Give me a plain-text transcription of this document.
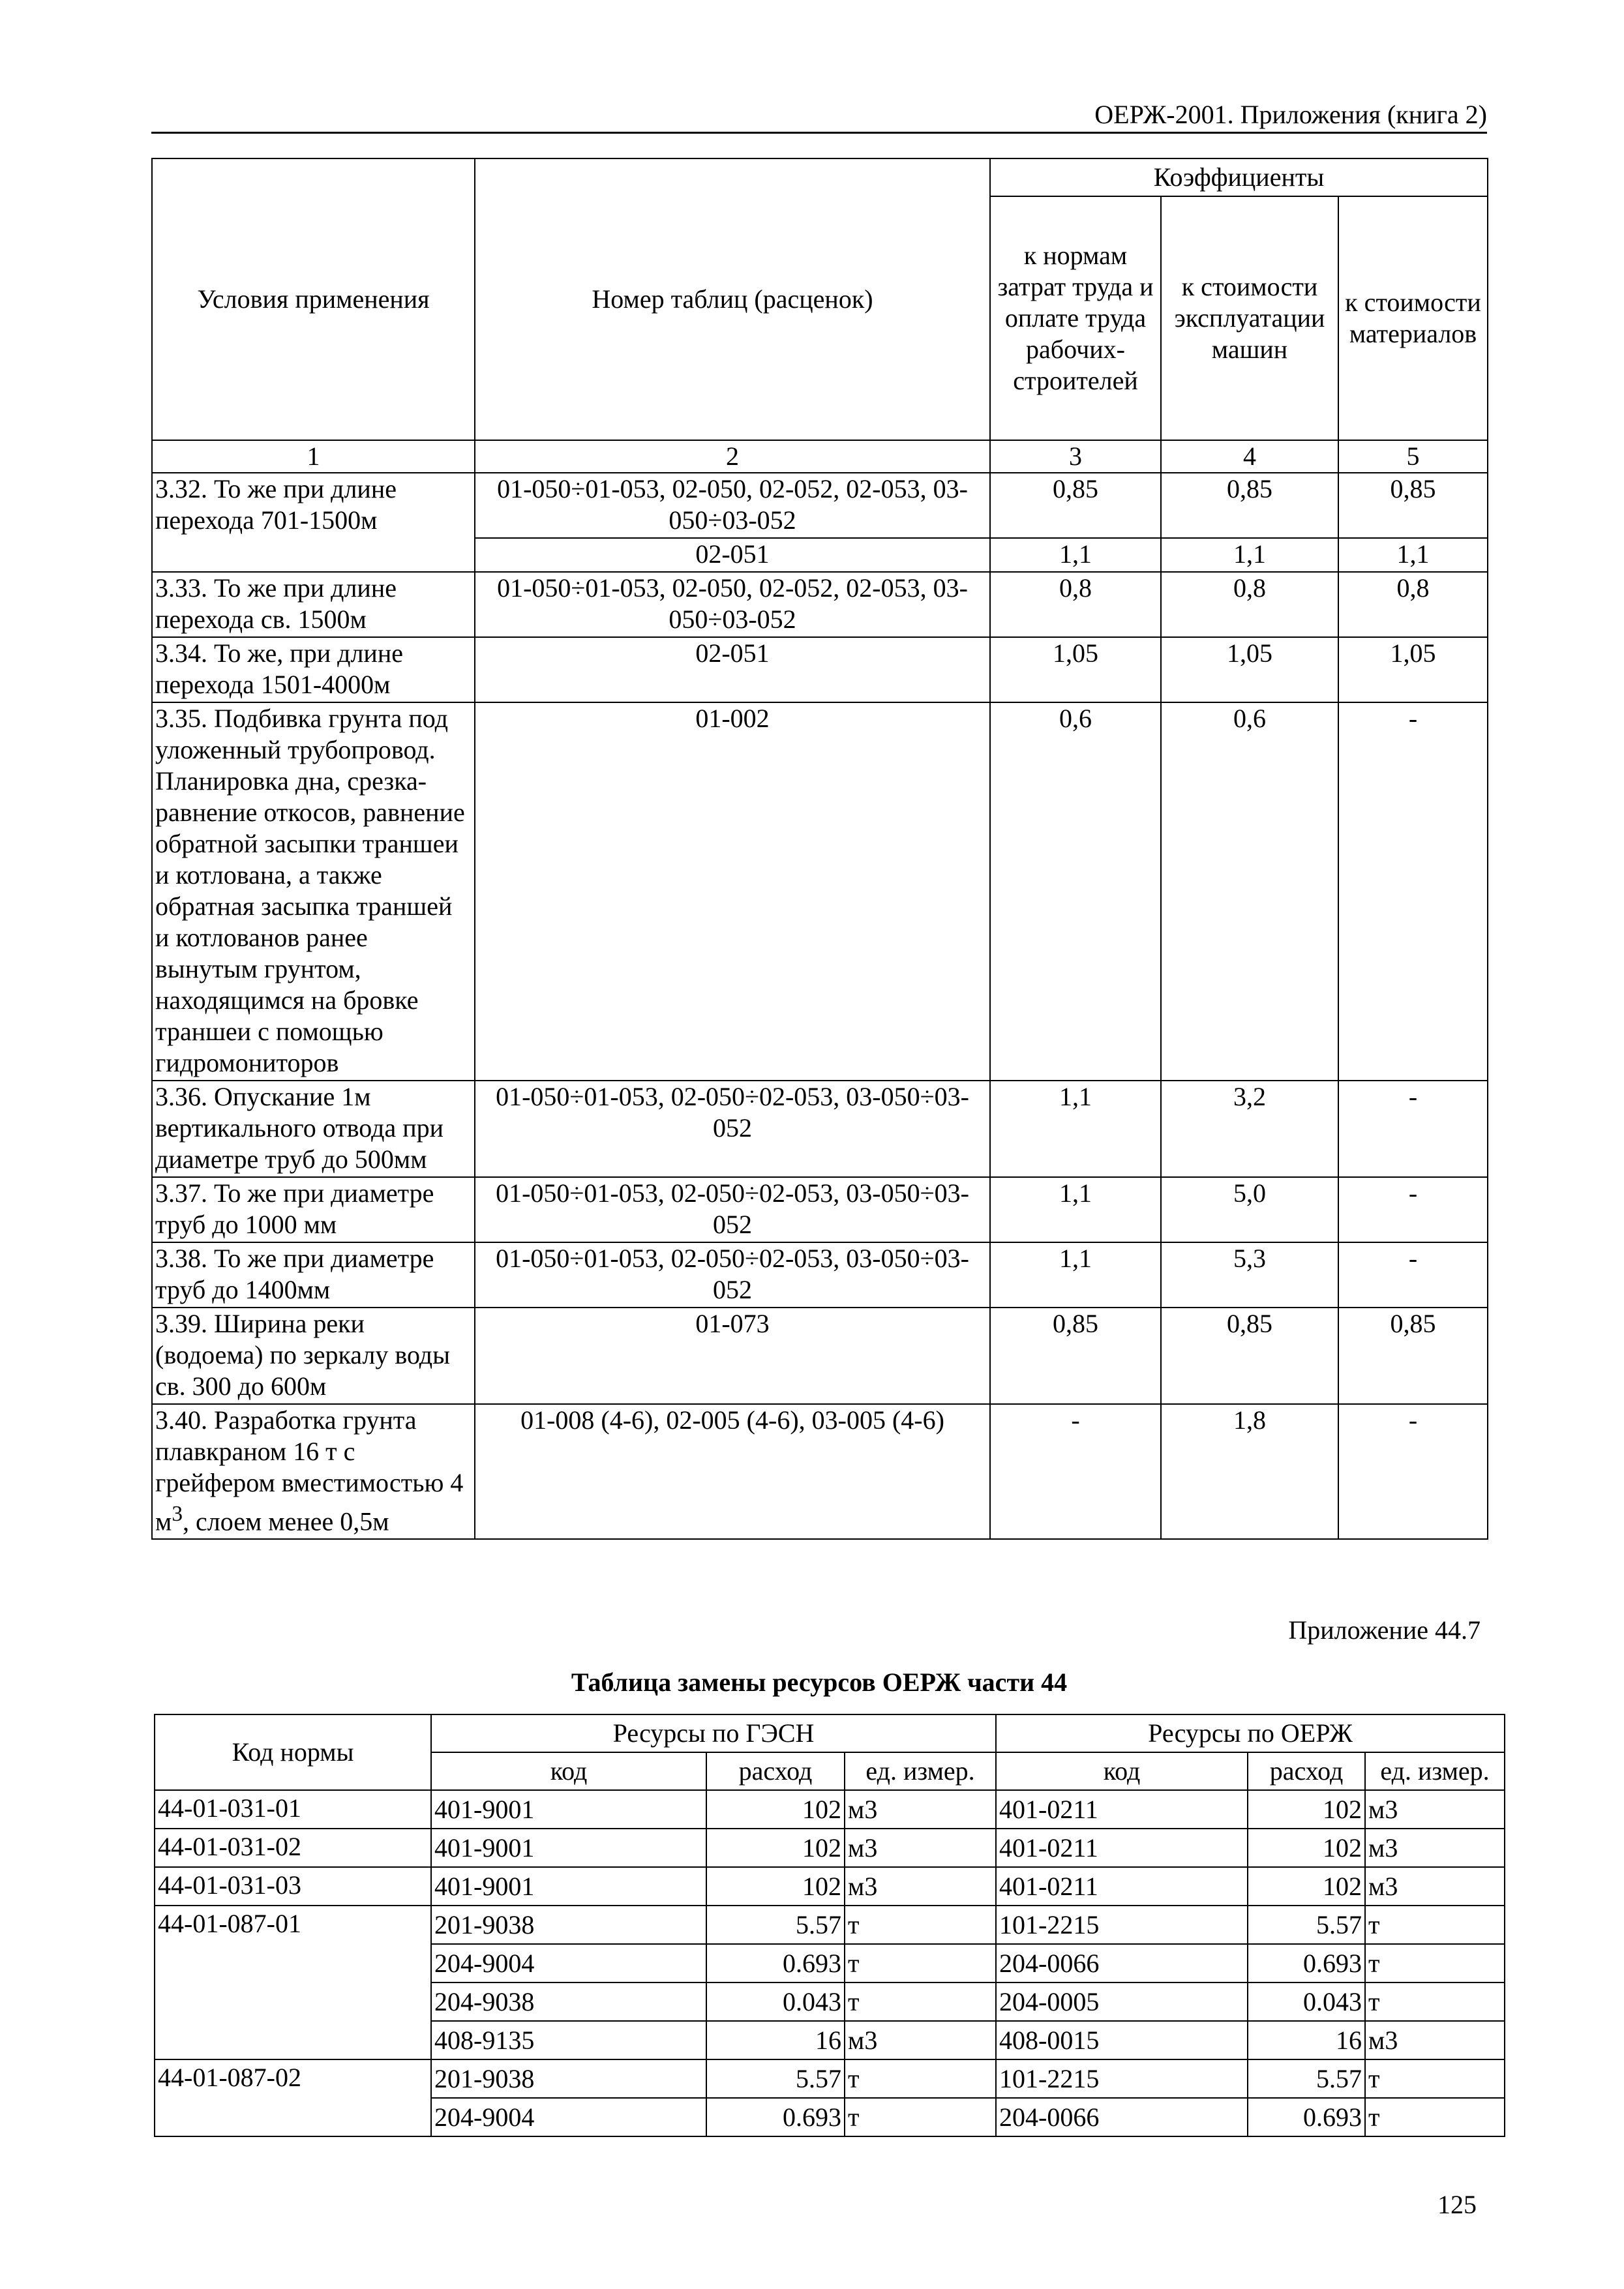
ОЕРЖ-2001. Приложения (книга 2)
Условия применения	Номер таблиц (расценок)	Коэффициенты		
		к нормам затрат труда и оплате труда рабочих-строителей	к стоимости эксплуатации машин	к стоимости материалов
1	2	3	4	5
3.32. То же при длине перехода 701-1500м	01-050÷01-053, 02-050, 02-052, 02-053, 03-050÷03-052	0,85	0,85	0,85
	02-051	1,1	1,1	1,1
3.33. То же при длине перехода св. 1500м	01-050÷01-053, 02-050, 02-052, 02-053, 03-050÷03-052	0,8	0,8	0,8
3.34. То же, при длине перехода 1501-4000м	02-051	1,05	1,05	1,05
3.35. Подбивка грунта под уложенный трубопровод. Планировка дна, срезка-равнение откосов, равнение обратной засыпки траншеи и котлована, а также обратная засыпка траншей и котлованов ранее вынутым грунтом, находящимся на бровке траншеи с помощью гидромониторов	01-002	0,6	0,6	-
3.36. Опускание 1м вертикального отвода при диаметре труб до 500мм	01-050÷01-053, 02-050÷02-053, 03-050÷03-052	1,1	3,2	-
3.37. То же при диаметре труб до 1000 мм	01-050÷01-053, 02-050÷02-053, 03-050÷03-052	1,1	5,0	-
3.38. То же при диаметре труб до 1400мм	01-050÷01-053, 02-050÷02-053, 03-050÷03-052	1,1	5,3	-
3.39. Ширина реки (водоема) по зеркалу воды св. 300 до 600м	01-073	0,85	0,85	0,85
3.40. Разработка грунта плавкраном 16 т с грейфером вместимостью 4 $м^3$, слоем менее 0,5м	01-008 (4-6), 02-005 (4-6), 03-005 (4-6)	-	1,8	-
Приложение 44.7
Таблица замены ресурсов ОЕРЖ части 44
Код нормы	Ресурсы по ГЭСН			Ресурсы по ОЕРЖ		
	код	расход	ед. измер.	код	расход	ед. измер.
44-01-031-01	401-9001	102	м3	401-0211	102	м3
44-01-031-02	401-9001	102	м3	401-0211	102	м3
44-01-031-03	401-9001	102	м3	401-0211	102	м3
44-01-087-01	201-9038	5.57	т	101-2215	5.57	т
	204-9004	0.693	т	204-0066	0.693	т
	204-9038	0.043	т	204-0005	0.043	т
	408-9135	16	м3	408-0015	16	м3
44-01-087-02	201-9038	5.57	т	101-2215	5.57	т
	204-9004	0.693	т	204-0066	0.693	т
125
